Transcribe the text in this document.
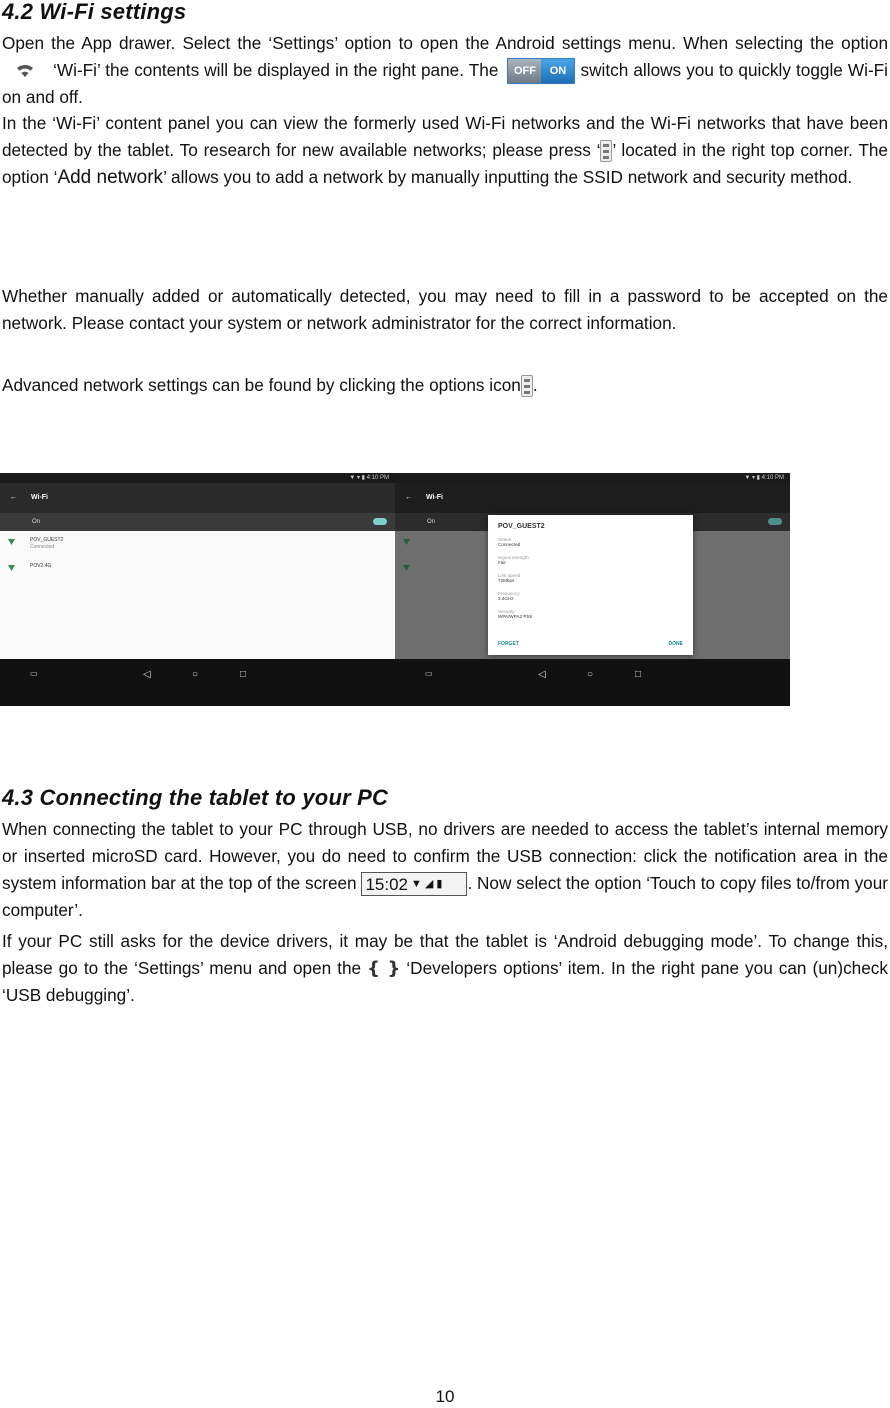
4.2 Wi-Fi settings

Open the App drawer. Select the ‘Settings’ option to open the Android settings menu. When selecting the option
‘Wi-Fi’ the contents will be displayed in the right pane. The	OFF	ON switch allows you to quickly toggle Wi-Fi on and off.

In the ‘Wi-Fi’ content panel you can view the formerly used Wi-Fi networks and the Wi-Fi networks that have been detected by the tablet. To research for new available networks; please press ‘ ’ located in the right top corner. The option ‘Add network’ allows you to add a network by manually inputting the SSID network and security method.

Whether manually added or automatically detected, you may need to fill in a password to be accepted on the network. Please contact your system or network administrator for the correct information.

Advanced network settings can be found by clicking the options icon .

▼ ▾ ▮ 4:10 PM
← Wi-Fi
On
POV_GUEST2
Connected
POV2.4G
▭	◁	○	□
▼ ▾ ▮ 4:10 PM
← Wi-Fi
On
POV_GUEST2
Status
Connected
Signal strength
Fair
Link speed
72Mbps
Frequency
2.4GHz
Security
WPA/WPA2 PSK
FORGET	DONE
▭	◁	○	□
4.3 Connecting the tablet to your PC

When connecting the tablet to your PC through USB, no drivers are needed to access the tablet’s internal memory or inserted microSD card. However, you do need to confirm the USB connection: click the notification area in the system information bar at the top of the screen 15:02 ▼ ◢ ▮ . Now select the option ‘Touch to copy files to/from your computer’.

If your PC still asks for the device drivers, it may be that the tablet is ‘Android debugging mode’. To change this, please go to the ‘Settings’ menu and open the { } ‘Developers options’ item. In the right pane you can (un)check ‘USB debugging’.

10
